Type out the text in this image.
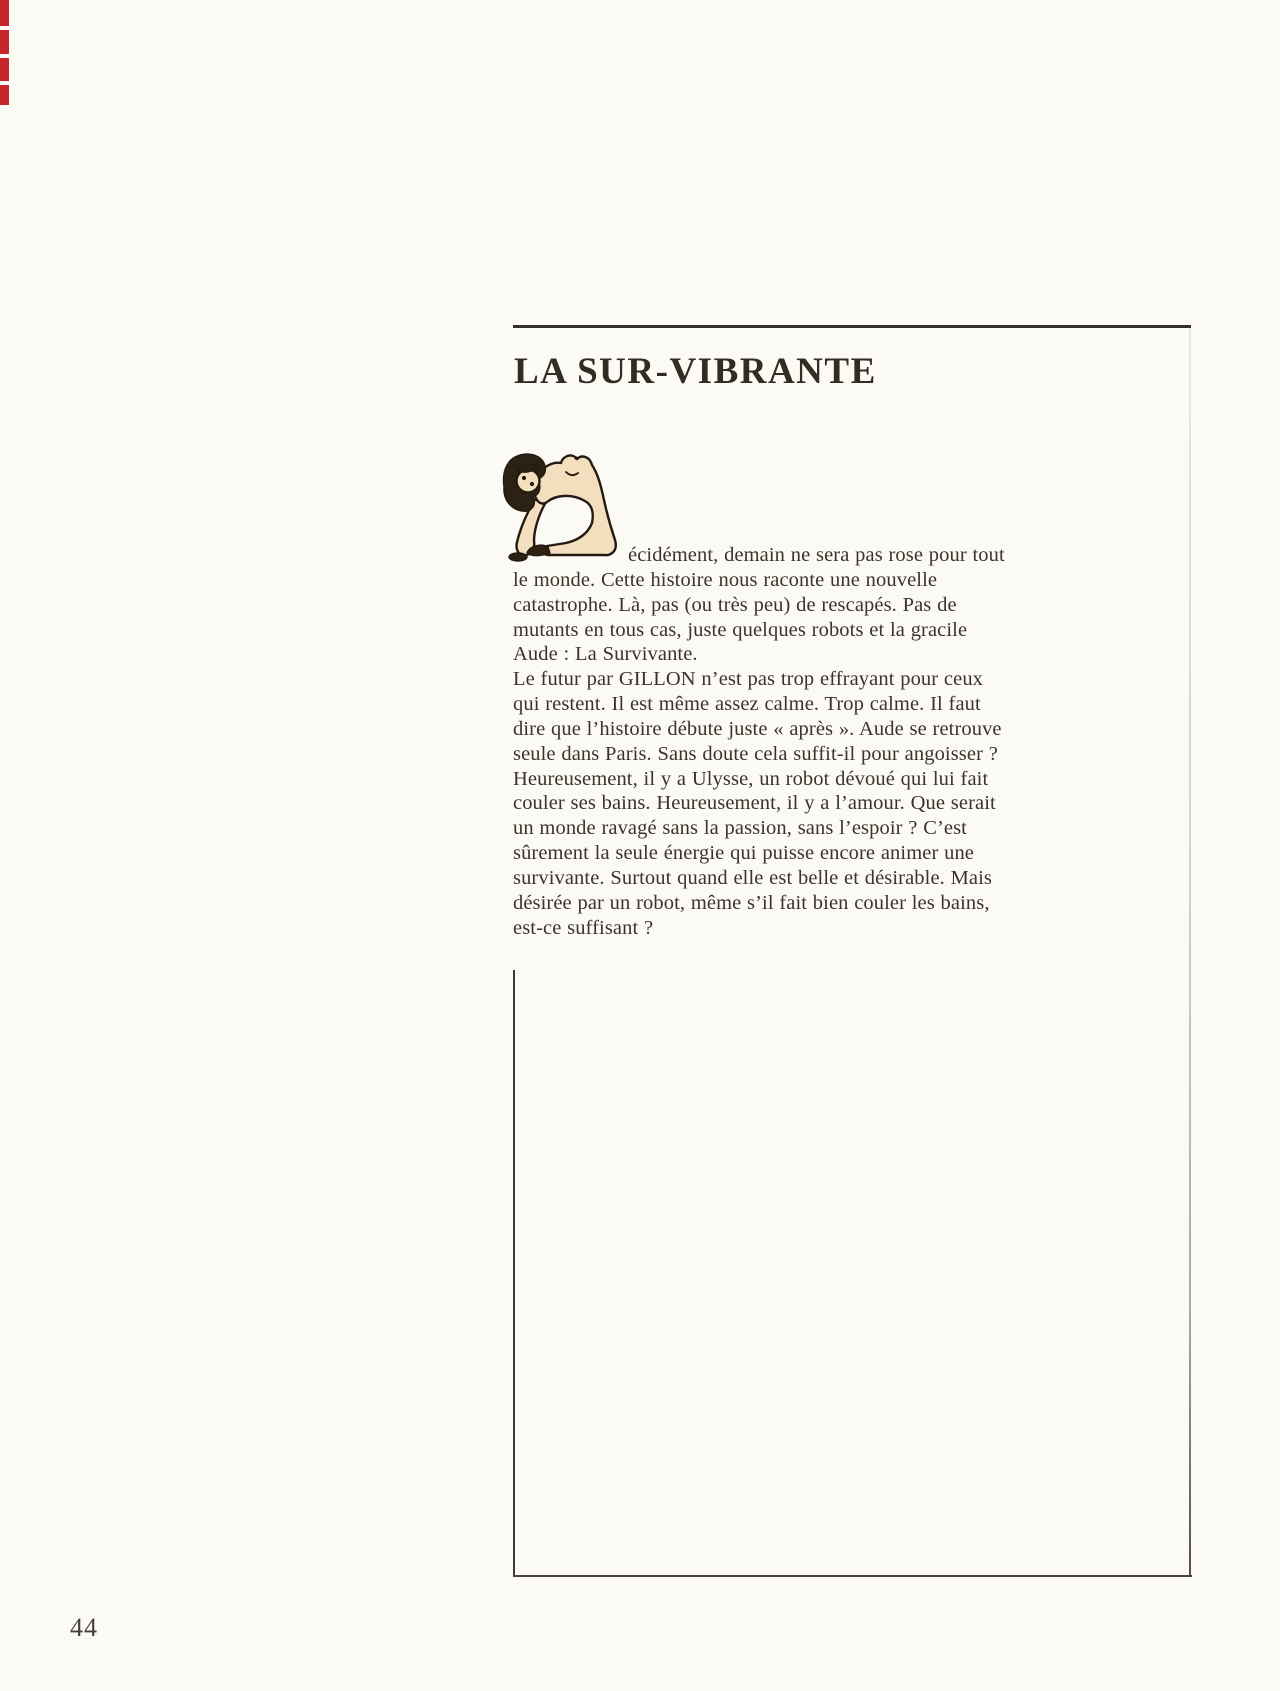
LA SUR-VIBRANTE
écidément, demain ne sera pas rose pour tout
le monde. Cette histoire nous raconte une nouvelle
catastrophe. Là, pas (ou très peu) de rescapés. Pas de
mutants en tous cas, juste quelques robots et la gracile
Aude : La Survivante.
Le futur par GILLON n’est pas trop effrayant pour ceux
qui restent. Il est même assez calme. Trop calme. Il faut
dire que l’histoire débute juste « après ». Aude se retrouve
seule dans Paris. Sans doute cela suffit-il pour angoisser ?
Heureusement, il y a Ulysse, un robot dévoué qui lui fait
couler ses bains. Heureusement, il y a l’amour. Que serait
un monde ravagé sans la passion, sans l’espoir ? C’est
sûrement la seule énergie qui puisse encore animer une
survivante. Surtout quand elle est belle et désirable. Mais
désirée par un robot, même s’il fait bien couler les bains,
est-ce suffisant ?
44
